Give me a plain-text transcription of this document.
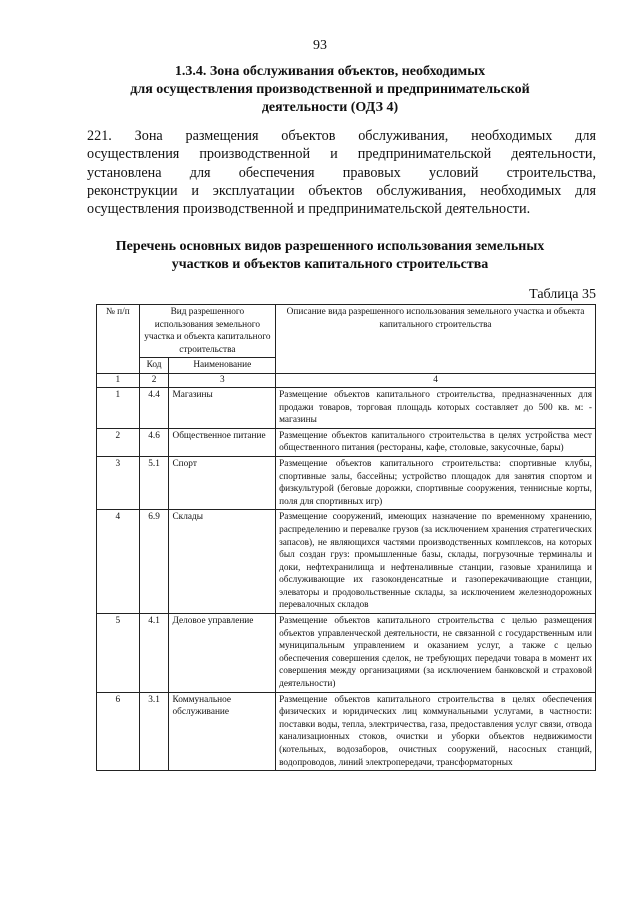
93
1.3.4. Зона обслуживания объектов, необходимых
для осуществления производственной и предпринимательской
деятельности (ОДЗ 4)
221. Зона размещения объектов обслуживания, необходимых для
осуществления производственной и предпринимательской деятельности,
установлена для обеспечения правовых условий строительства,
реконструкции и эксплуатации объектов обслуживания, необходимых для
осуществления производственной и предпринимательской деятельности.
Перечень основных видов разрешенного использования земельных
участков и объектов капитального строительства
Таблица 35
№ п/п	Вид разрешенного использования земельного участка и объекта капитального строительства		Описание вида разрешенного использования земельного участка и объекта капитального строительства
	Код	Наименование	
1	2	3	4
1	4.4	Магазины	Размещение объектов капитального строительства, предназначенных для продажи товаров, торговая площадь которых составляет до 500 кв. м: - магазины
2	4.6	Общественное питание	Размещение объектов капитального строительства в целях устройства мест общественного питания (рестораны, кафе, столовые, закусочные, бары)
3	5.1	Спорт	Размещение объектов капитального строительства: спортивные клубы, спортивные залы, бассейны; устройство площадок для занятия спортом и физкультурой (беговые дорожки, спортивные сооружения, теннисные корты, поля для спортивных игр)
4	6.9	Склады	Размещение сооружений, имеющих назначение по временному хранению, распределению и перевалке грузов (за исключением хранения стратегических запасов), не являющихся частями производственных комплексов, на которых был создан груз: промышленные базы, склады, погрузочные терминалы и доки, нефтехранилища и нефтеналивные станции, газовые хранилища и обслуживающие их газоконденсатные и газоперекачивающие станции, элеваторы и продовольственные склады, за исключением железнодорожных перевалочных складов
5	4.1	Деловое управление	Размещение объектов капитального строительства с целью размещения объектов управленческой деятельности, не связанной с государственным или муниципальным управлением и оказанием услуг, а также с целью обеспечения совершения сделок, не требующих передачи товара в момент их совершения между организациями (за исключением банковской и страховой деятельности)
6	3.1	Коммунальное обслуживание	Размещение объектов капитального строительства в целях обеспечения физических и юридических лиц коммунальными услугами, в частности: поставки воды, тепла, электричества, газа, предоставления услуг связи, отвода канализационных стоков, очистки и уборки объектов недвижимости (котельных, водозаборов, очистных сооружений, насосных станций, водопроводов, линий электропередачи, трансформаторных
